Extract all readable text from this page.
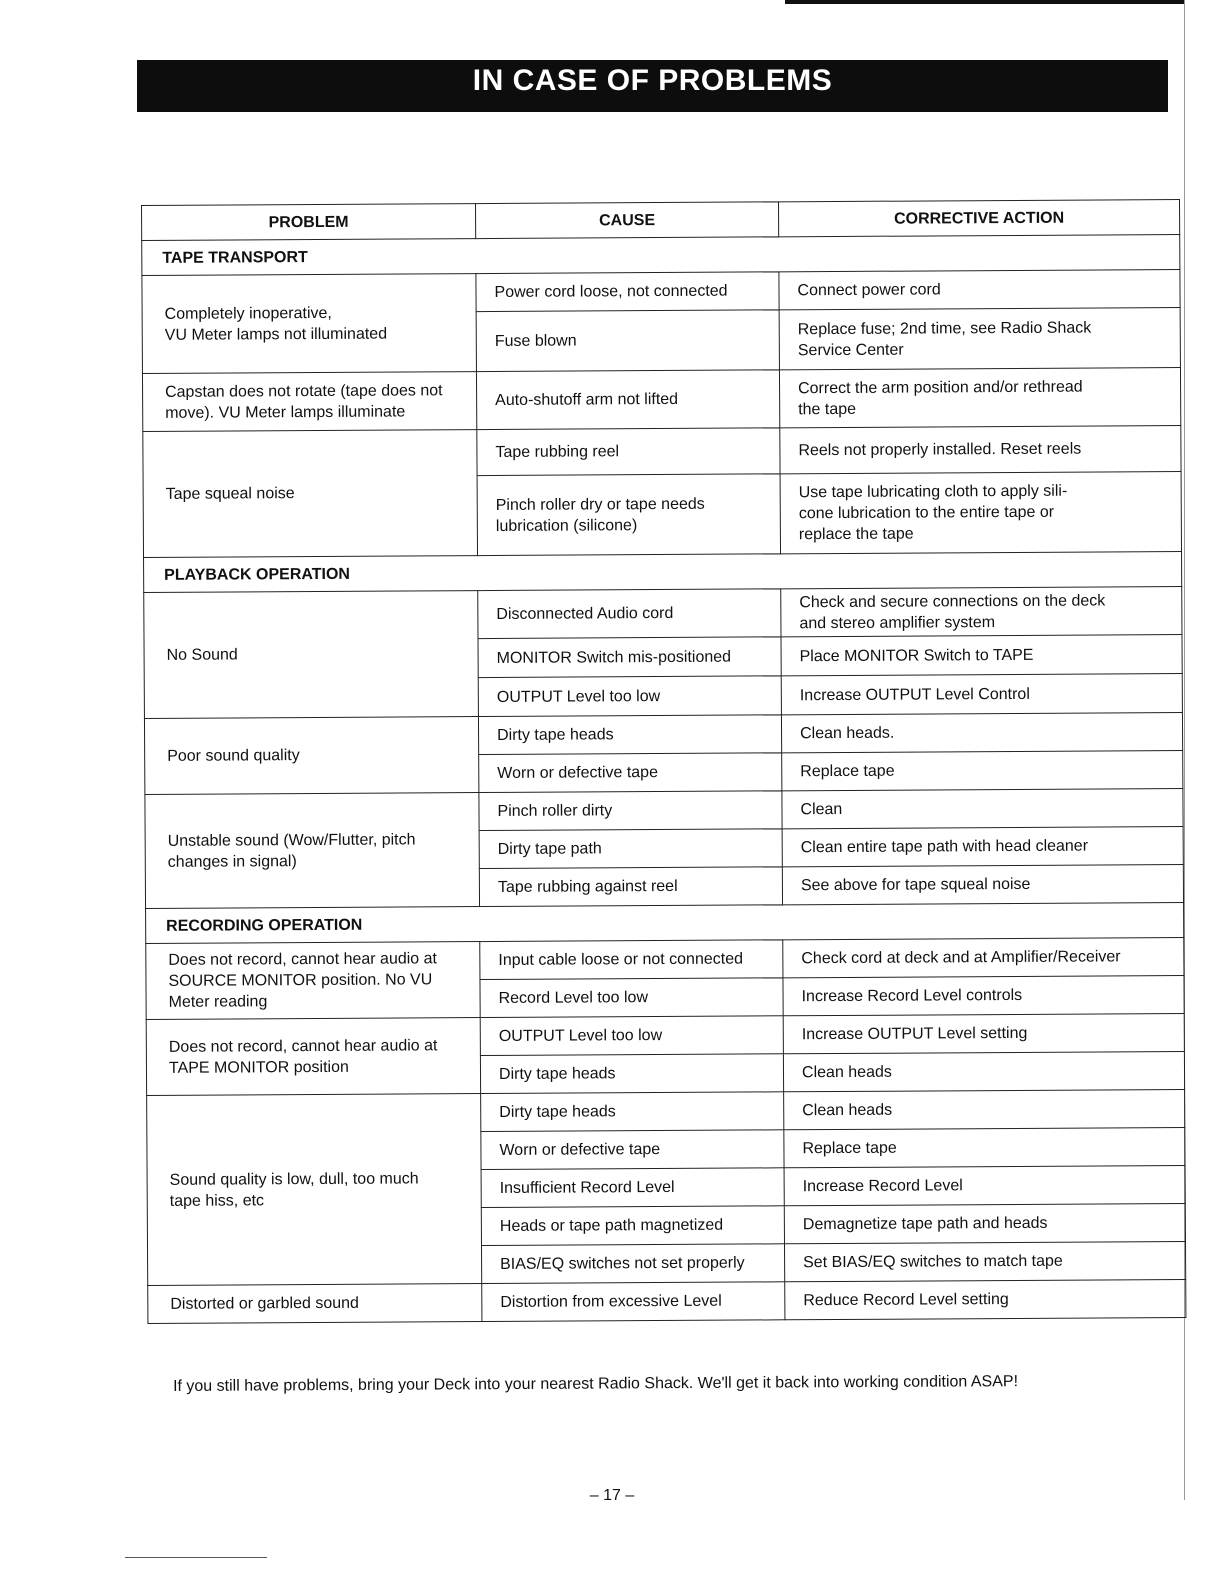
IN CASE OF PROBLEMS
PROBLEM	CAUSE	CORRECTIVE ACTION
TAPE TRANSPORT		
Completely inoperative,
VU Meter lamps not illuminated	Power cord loose, not connected	Connect power cord
	Fuse blown	Replace fuse; 2nd time, see Radio Shack
Service Center
Capstan does not rotate (tape does not
move). VU Meter lamps illuminate	Auto-shutoff arm not lifted	Correct the arm position and/or rethread
the tape
Tape squeal noise	Tape rubbing reel	Reels not properly installed. Reset reels
	Pinch roller dry or tape needs
lubrication (silicone)	Use tape lubricating cloth to apply sili-
cone lubrication to the entire tape or
replace the tape
PLAYBACK OPERATION		
No Sound	Disconnected Audio cord	Check and secure connections on the deck
and stereo amplifier system
	MONITOR Switch mis-positioned	Place MONITOR Switch to TAPE
	OUTPUT Level too low	Increase OUTPUT Level Control
Poor sound quality	Dirty tape heads	Clean heads.
	Worn or defective tape	Replace tape
Unstable sound (Wow/Flutter, pitch
changes in signal)	Pinch roller dirty	Clean
	Dirty tape path	Clean entire tape path with head cleaner
	Tape rubbing against reel	See above for tape squeal noise
RECORDING OPERATION		
Does not record, cannot hear audio at
SOURCE MONITOR position. No VU
Meter reading	Input cable loose or not connected	Check cord at deck and at Amplifier/Receiver
	Record Level too low	Increase Record Level controls
Does not record, cannot hear audio at
TAPE MONITOR position	OUTPUT Level too low	Increase OUTPUT Level setting
	Dirty tape heads	Clean heads
Sound quality is low, dull, too much
tape hiss, etc	Dirty tape heads	Clean heads
	Worn or defective tape	Replace tape
	Insufficient Record Level	Increase Record Level
	Heads or tape path magnetized	Demagnetize tape path and heads
	BIAS/EQ switches not set properly	Set BIAS/EQ switches to match tape
Distorted or garbled sound	Distortion from excessive Level	Reduce Record Level setting
If you still have problems, bring your Deck into your nearest Radio Shack. We'll get it back into working condition ASAP!
– 17 –
